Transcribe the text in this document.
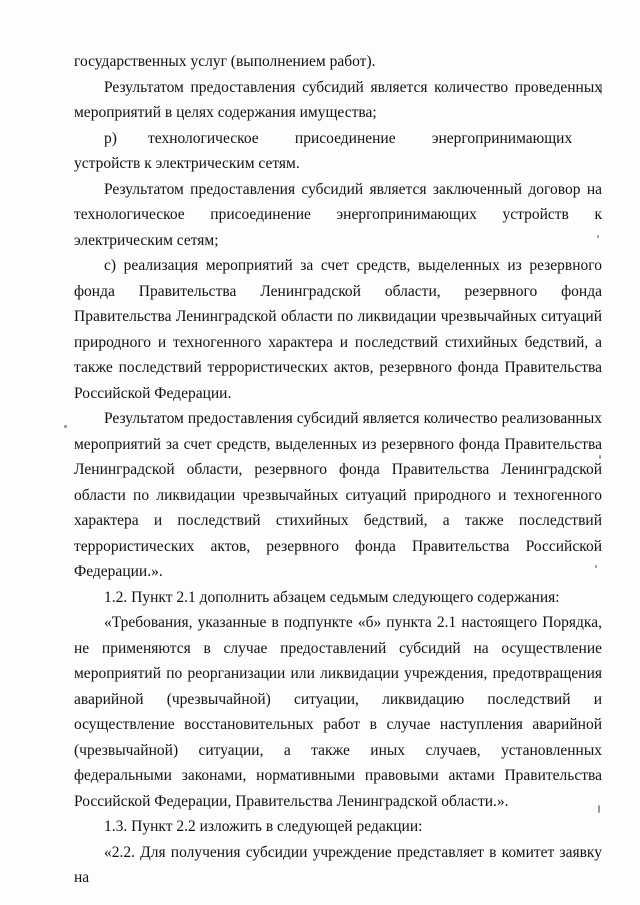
государственных услуг (выполнением работ).

Результатом предоставления субсидий является количество проведенных мероприятий в целях содержания имущества;

р)      технологическое       присоединение       энергопринимающих       устройств к электрическим сетям.

Результатом предоставления субсидий является заключенный договор на технологическое присоединение энергопринимающих устройств к электрическим сетям;

с) реализация мероприятий за счет средств, выделенных из резервного фонда Правительства Ленинградской области, резервного фонда Правительства Ленинградской области по ликвидации чрезвычайных ситуаций природного и техногенного характера и последствий стихийных бедствий, а также последствий террористических актов, резервного фонда Правительства Российской Федерации.

Результатом предоставления субсидий является количество реализованных мероприятий за счет средств, выделенных из резервного фонда Правительства Ленинградской области, резервного фонда Правительства Ленинградской области по ликвидации чрезвычайных ситуаций природного и техногенного характера и последствий стихийных бедствий, а также последствий террористических актов, резервного фонда Правительства Российской Федерации.».

1.2. Пункт 2.1 дополнить абзацем седьмым следующего содержания:

«Требования, указанные в подпункте «б» пункта 2.1 настоящего Порядка, не применяются в случае предоставлений субсидий на осуществление мероприятий по реорганизации или ликвидации учреждения, предотвращения аварийной (чрезвычайной) ситуации, ликвидацию последствий и осуществление восстановительных работ в случае наступления аварийной (чрезвычайной) ситуации, а также иных случаев, установленных федеральными законами, нормативными правовыми актами Правительства Российской Федерации, Правительства Ленинградской области.».

1.3. Пункт 2.2 изложить в следующей редакции:

«2.2. Для получения субсидии учреждение представляет в комитет заявку на
